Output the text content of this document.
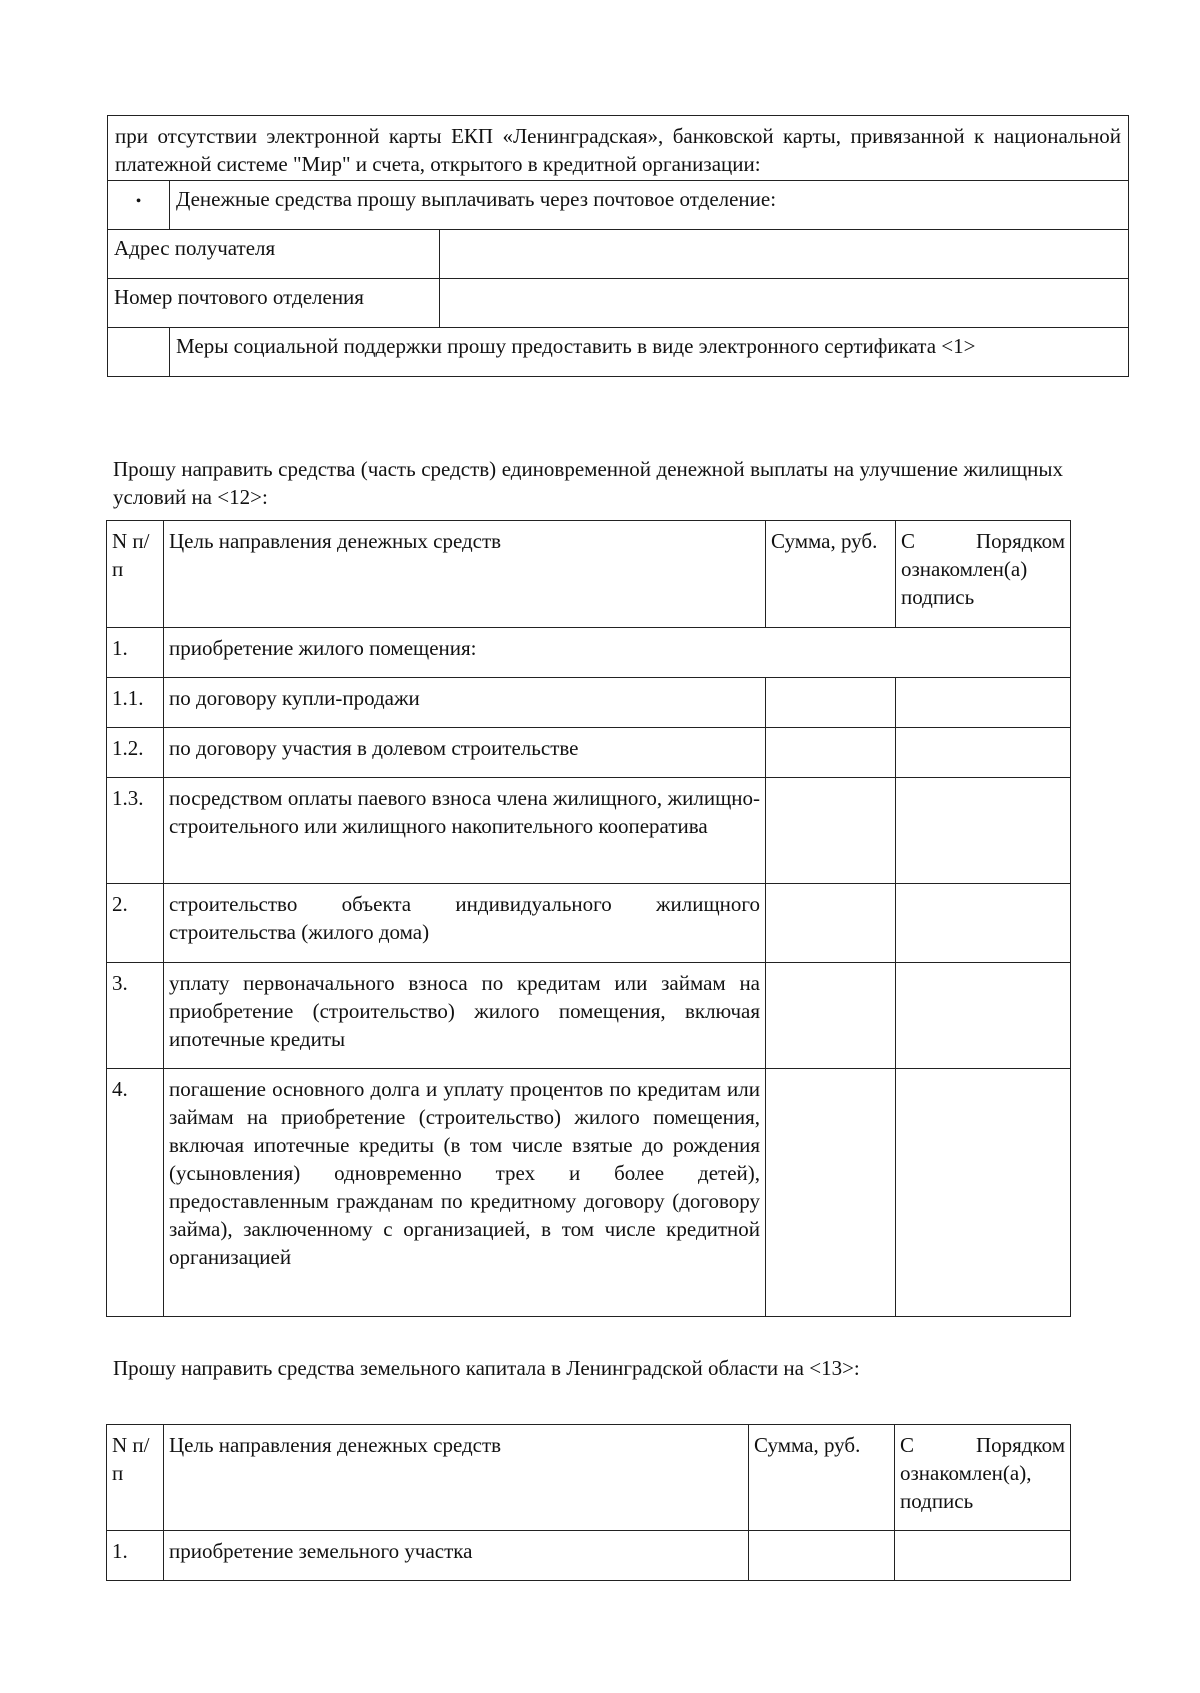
при отсутствии электронной карты ЕКП «Ленинградская», банковской карты, привязанной к национальной платежной системе "Мир" и счета, открытого в кредитной организации:		
•	Денежные средства прошу выплачивать через почтовое отделение:	
Адрес получателя		
Номер почтового отделения		
	Меры социальной поддержки прошу предоставить в виде электронного сертификата <1>	
Прошу направить средства (часть средств) единовременной денежной выплаты на улучшение жилищных условий на <12>:
N п/п	Цель направления денежных средств	Сумма, руб.	С Порядком ознакомлен(а) подпись
1.	приобретение жилого помещения:		
1.1.	по договору купли-продажи		
1.2.	по договору участия в долевом строительстве		
1.3.	посредством оплаты паевого взноса члена жилищного, жилищно-строительного или жилищного накопительного кооператива		
2.	строительство объекта индивидуального жилищного строительства (жилого дома)		
3.	уплату первоначального взноса по кредитам или займам на приобретение (строительство) жилого помещения, включая ипотечные кредиты		
4.	погашение основного долга и уплату процентов по кредитам или займам на приобретение (строительство) жилого помещения, включая ипотечные кредиты (в том числе взятые до рождения (усыновления) одновременно трех и более детей), предоставленным гражданам по кредитному договору (договору займа), заключенному с организацией, в том числе кредитной организацией		
Прошу направить средства земельного капитала в Ленинградской области на <13>:
N п/п	Цель направления денежных средств	Сумма, руб.	С Порядком ознакомлен(а), подпись
1.	приобретение земельного участка		
